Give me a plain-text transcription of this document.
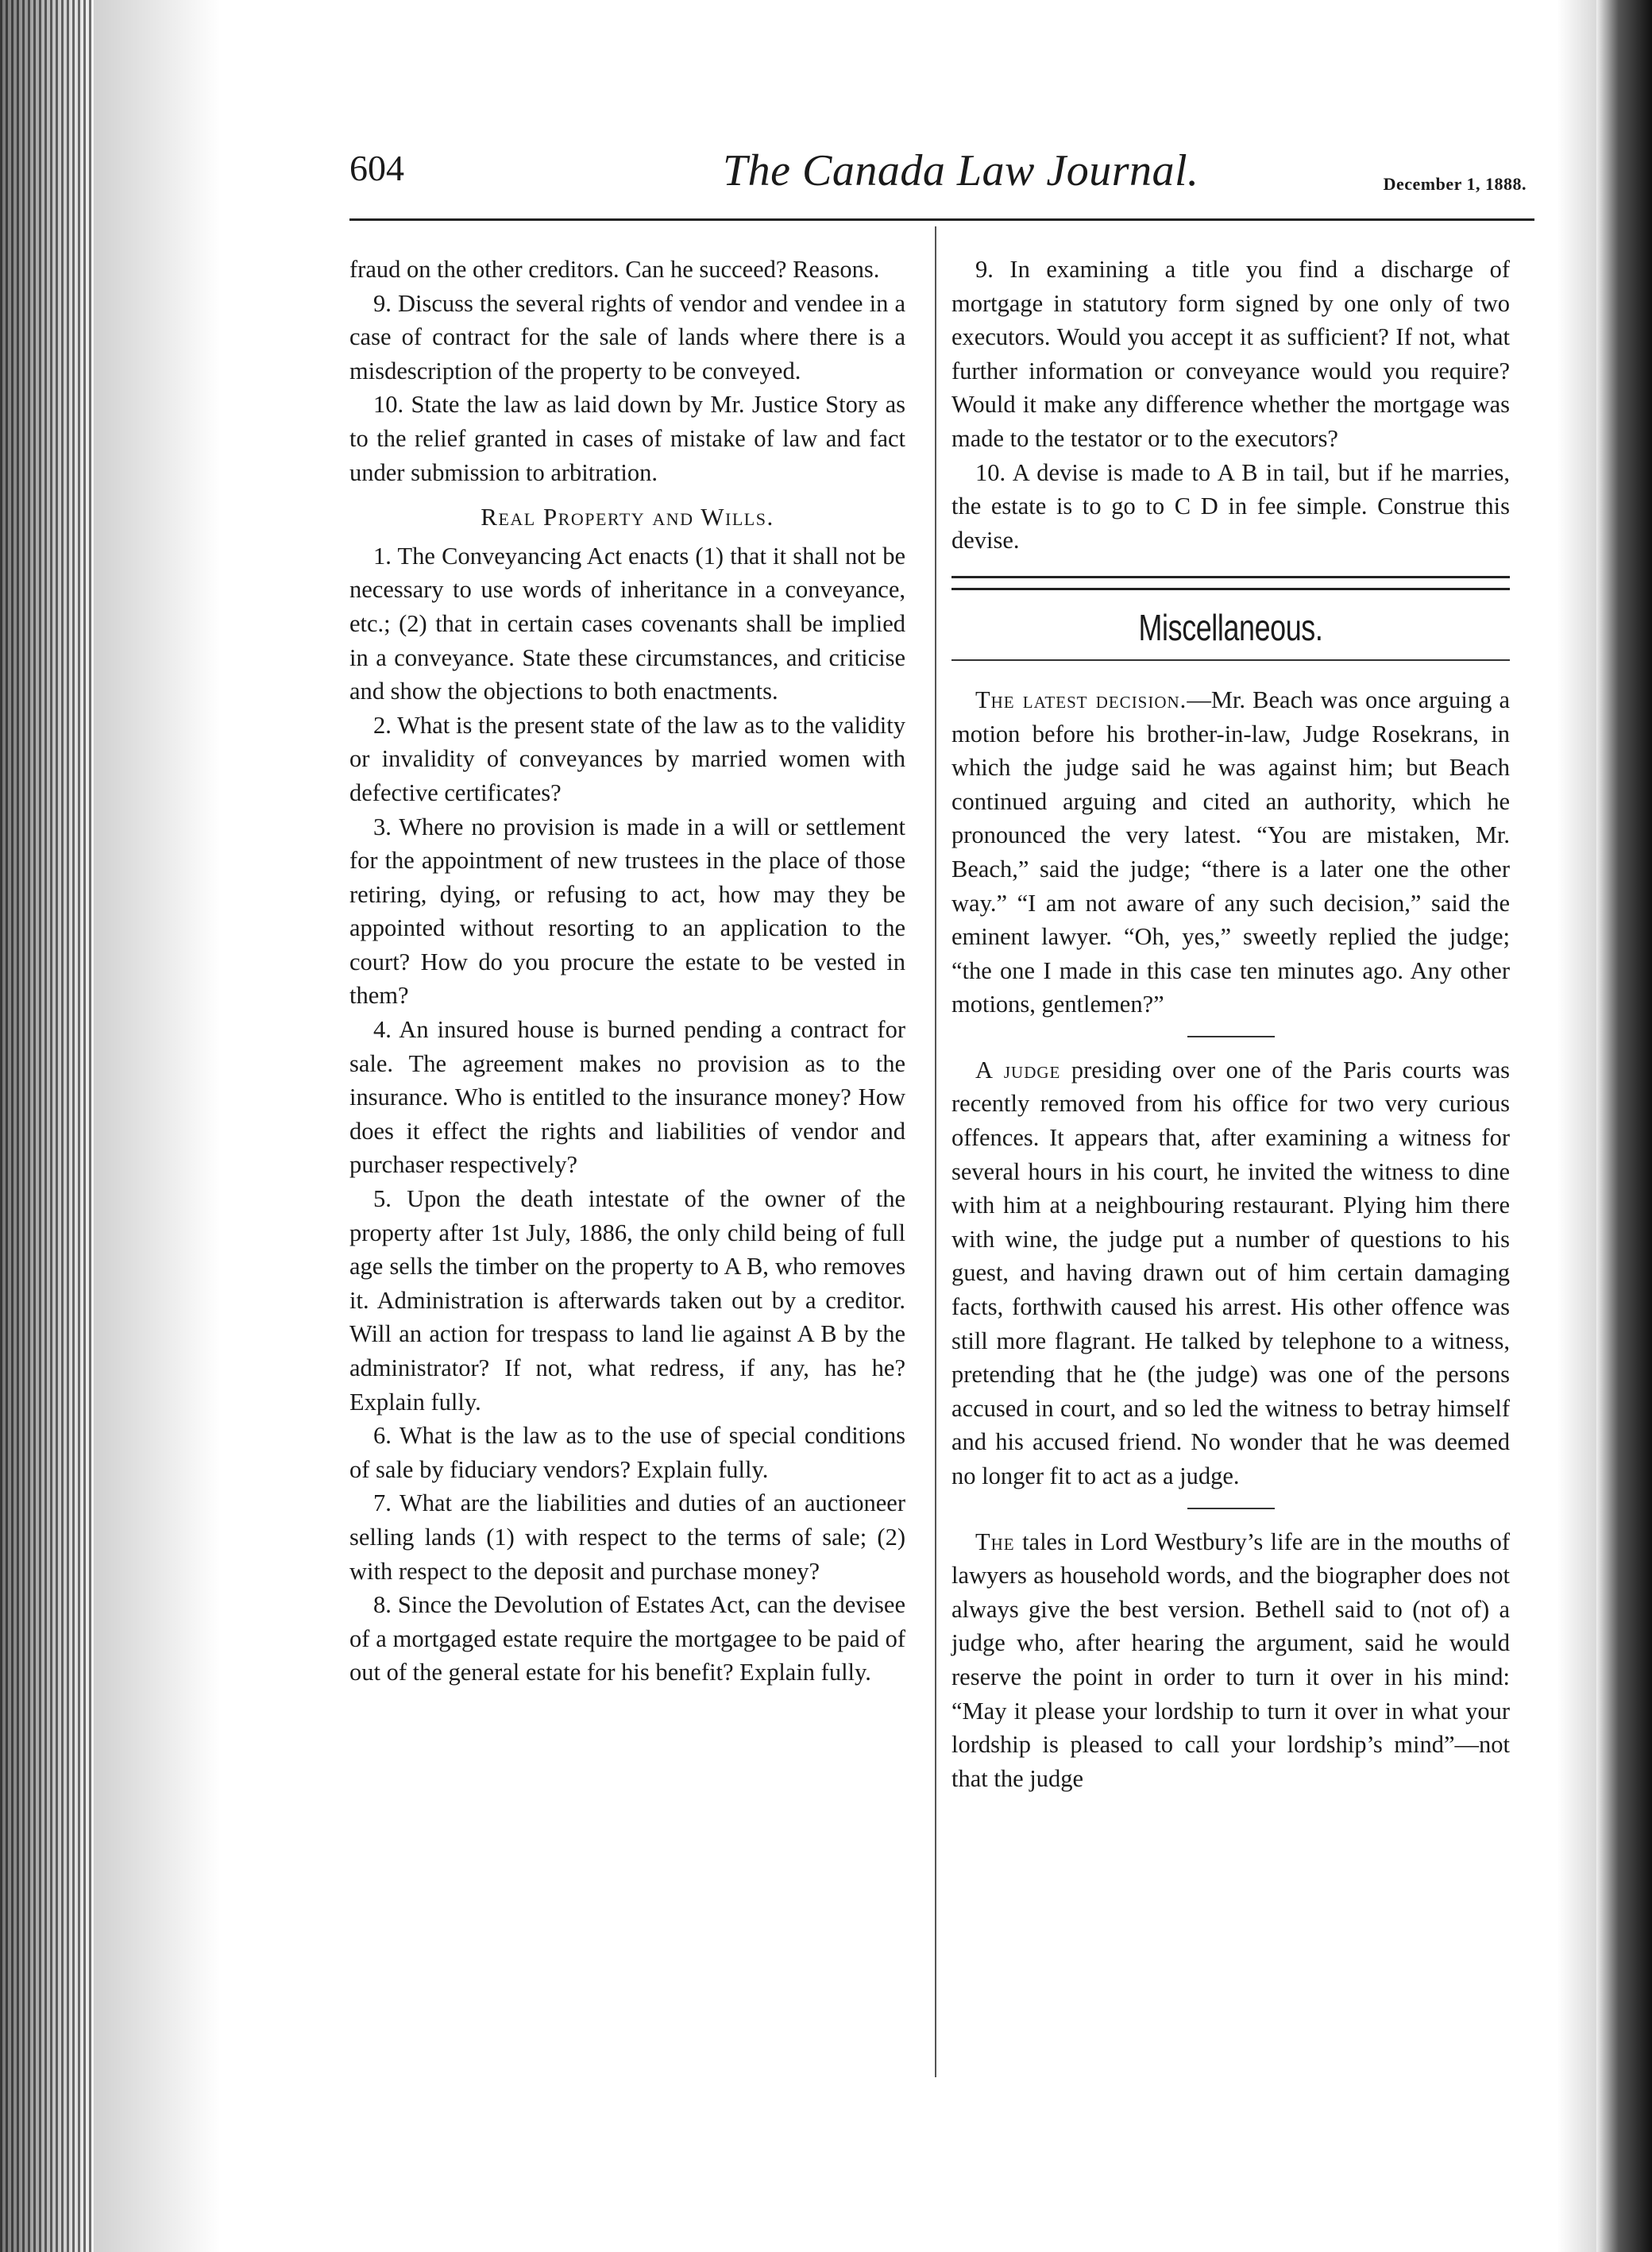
604	The Canada Law Journal.	December 1, 1888.

fraud on the other creditors. Can he succeed? Reasons.

9. Discuss the several rights of vendor and vendee in a case of contract for the sale of lands where there is a misdescription of the property to be conveyed.

10. State the law as laid down by Mr. Justice Story as to the relief granted in cases of mistake of law and fact under submission to arbitration.

Real Property and Wills.

1. The Conveyancing Act enacts (1) that it shall not be necessary to use words of inheritance in a conveyance, etc.; (2) that in certain cases covenants shall be implied in a conveyance. State these circumstances, and criticise and show the objections to both enactments.

2. What is the present state of the law as to the validity or invalidity of conveyances by married women with defective certificates?

3. Where no provision is made in a will or settlement for the appointment of new trustees in the place of those retiring, dying, or refusing to act, how may they be appointed without resorting to an application to the court? How do you procure the estate to be vested in them?

4. An insured house is burned pending a contract for sale. The agreement makes no provision as to the insurance. Who is entitled to the insurance money? How does it effect the rights and liabilities of vendor and purchaser respectively?

5. Upon the death intestate of the owner of the property after 1st July, 1886, the only child being of full age sells the timber on the property to A B, who removes it. Administration is afterwards taken out by a creditor. Will an action for trespass to land lie against A B by the administrator? If not, what redress, if any, has he? Explain fully.

6. What is the law as to the use of special conditions of sale by fiduciary vendors? Explain fully.

7. What are the liabilities and duties of an auctioneer selling lands (1) with respect to the terms of sale; (2) with respect to the deposit and purchase money?

8. Since the Devolution of Estates Act, can the devisee of a mortgaged estate require the mortgagee to be paid of out of the general estate for his benefit? Explain fully.

9. In examining a title you find a discharge of mortgage in statutory form signed by one only of two executors. Would you accept it as sufficient? If not, what further information or conveyance would you require? Would it make any difference whether the mortgage was made to the testator or to the executors?

10. A devise is made to A B in tail, but if he marries, the estate is to go to C D in fee simple. Construe this devise.

Miscellaneous.

The latest decision.—Mr. Beach was once arguing a motion before his brother-in-law, Judge Rosekrans, in which the judge said he was against him; but Beach continued arguing and cited an authority, which he pronounced the very latest. “You are mistaken, Mr. Beach,” said the judge; “there is a later one the other way.” “I am not aware of any such decision,” said the eminent lawyer. “Oh, yes,” sweetly replied the judge; “the one I made in this case ten minutes ago. Any other motions, gentlemen?”

A judge presiding over one of the Paris courts was recently removed from his office for two very curious offences. It appears that, after examining a witness for several hours in his court, he invited the witness to dine with him at a neighbouring restaurant. Plying him there with wine, the judge put a number of questions to his guest, and having drawn out of him certain damaging facts, forthwith caused his arrest. His other offence was still more flagrant. He talked by telephone to a witness, pretending that he (the judge) was one of the persons accused in court, and so led the witness to betray himself and his accused friend. No wonder that he was deemed no longer fit to act as a judge.

The tales in Lord Westbury’s life are in the mouths of lawyers as household words, and the biographer does not always give the best version. Bethell said to (not of) a judge who, after hearing the argument, said he would reserve the point in order to turn it over in his mind: “May it please your lordship to turn it over in what your lordship is pleased to call your lordship’s mind”—not that the judge
